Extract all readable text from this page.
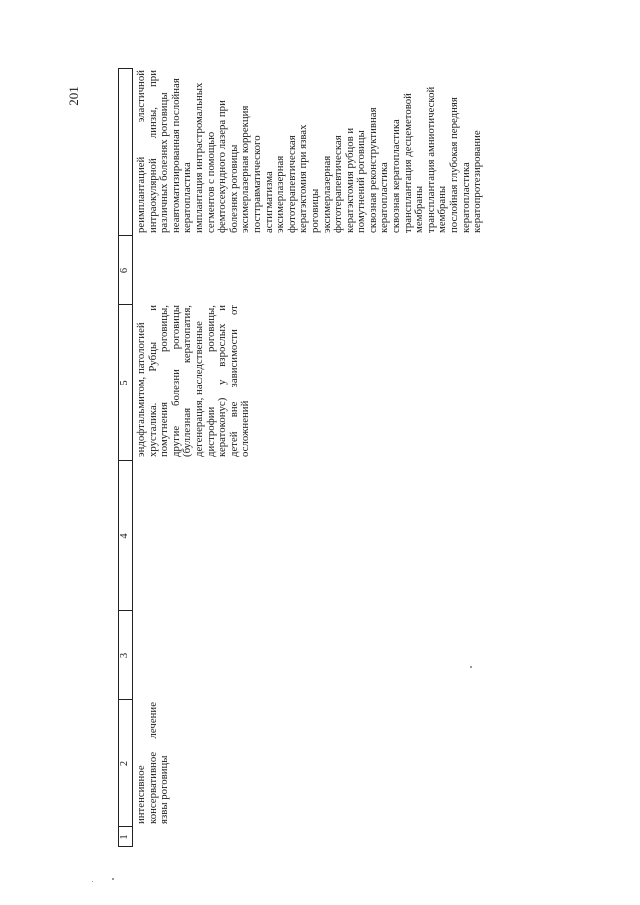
201
1
2
3
4
5
6
интенсивное консервативное
лечение
язвы роговицы
эндофтальмитом, патологией хрусталика.
Рубцы
и
помутнения
роговицы,
другие
болезни
роговицы
(буллезная
кератопатия, дегенерация, наследственные дистрофии
роговицы,
кератоконус)
у
взрослых
и
детей
вне
зависимости
от
осложнений
реимплантацией
эластичной
интраокулярной
линзы,
при
различных болезнях роговицы неавтоматизированная послойная кератопластика имплантация интрастромальных сегментов с помощью фемтосекундного лазера при болезнях роговицы эксимерлазерная коррекция посттравматического астигматизма эксимерлазерная фототерапевтическая кератэктомия при язвах роговицы эксимерлазерная фототерапевтическая кератэктомия рубцов и помутнений роговицы сквозная реконструктивная кератопластика сквозная кератопластика трансплантация десцеметовой мембраны трансплантация амниотической мембраны послойная глубокая передняя кератопластика кератопротезирование
